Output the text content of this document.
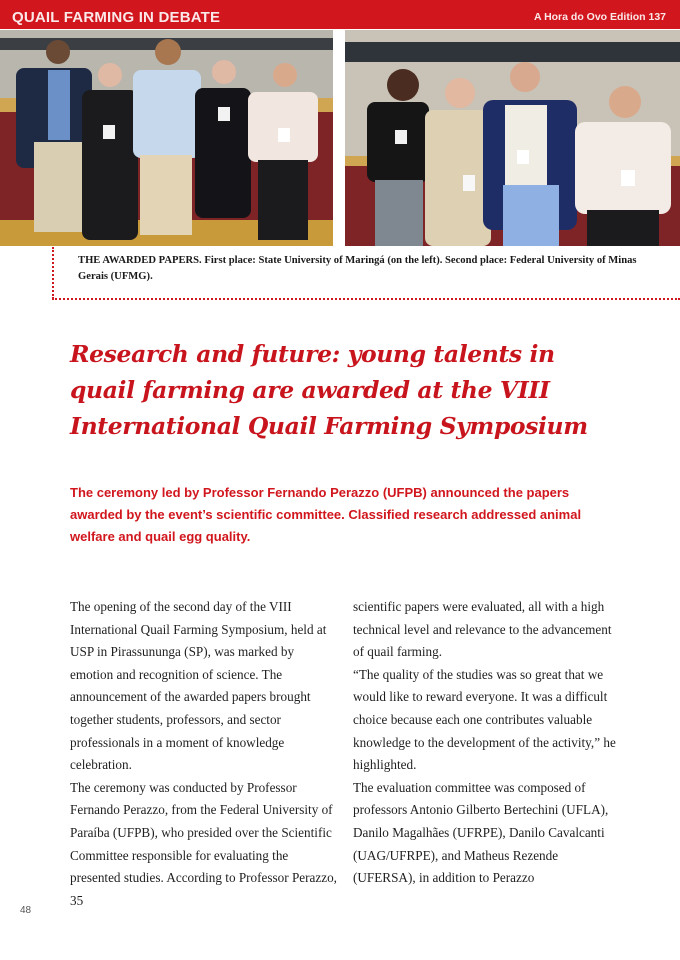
QUAIL FARMING IN DEBATE	A Hora do Ovo Edition 137
THE AWARDED PAPERS. First place: State University of Maringá (on the left). Second place: Federal University of Minas Gerais (UFMG).
Research and future: young talents in quail farming are awarded at the VIII International Quail Farming Symposium
The ceremony led by Professor Fernando Perazzo (UFPB) announced the papers awarded by the event’s scientific committee. Classified research addressed animal welfare and quail egg quality.

The opening of the second day of the VIII International Quail Farming Symposium, held at USP in Pirassununga (SP), was marked by emotion and recognition of science. The announcement of the awarded papers brought together students, professors, and sector professionals in a moment of knowledge celebration.

The ceremony was conducted by Professor Fernando Perazzo, from the Federal University of Paraíba (UFPB), who presided over the Scientific Committee responsible for evaluating the presented studies. According to Professor Perazzo, 35

scientific papers were evaluated, all with a high technical level and relevance to the advancement of quail farming.

“The quality of the studies was so great that we would like to reward everyone. It was a difficult choice because each one contributes valuable knowledge to the development of the activity,” he highlighted.

The evaluation committee was composed of professors Antonio Gilberto Bertechini (UFLA), Danilo Magalhães (UFRPE), Danilo Cavalcanti (UAG/UFRPE), and Matheus Rezende (UFERSA), in addition to Perazzo

48
